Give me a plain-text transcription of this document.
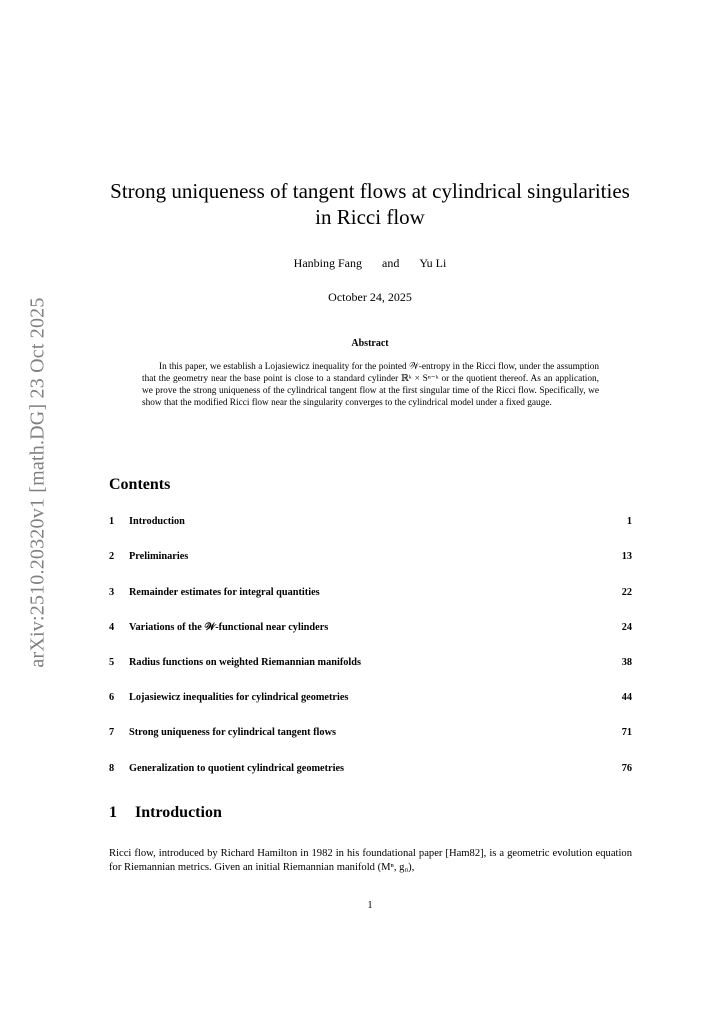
arXiv:2510.20320v1 [math.DG] 23 Oct 2025
Strong uniqueness of tangent flows at cylindrical singularities
in Ricci flow
Hanbing Fang and Yu Li
October 24, 2025
Abstract
In this paper, we establish a Lojasiewicz inequality for the pointed 𝒲-entropy in the Ricci flow, under the assumption that the geometry near the base point is close to a standard cylinder ℝᵏ × Sⁿ⁻ᵏ or the quotient thereof. As an application, we prove the strong uniqueness of the cylindrical tangent flow at the first singular time of the Ricci flow. Specifically, we show that the modified Ricci flow near the singularity converges to the cylindrical model under a fixed gauge.
Contents
1	Introduction	1
2	Preliminaries	13
3	Remainder estimates for integral quantities	22
4	Variations of the 𝒲-functional near cylinders	24
5	Radius functions on weighted Riemannian manifolds	38
6	Lojasiewicz inequalities for cylindrical geometries	44
7	Strong uniqueness for cylindrical tangent flows	71
8	Generalization to quotient cylindrical geometries	76
1 Introduction
Ricci flow, introduced by Richard Hamilton in 1982 in his foundational paper [Ham82], is a geometric evolution equation for Riemannian metrics. Given an initial Riemannian manifold (Mⁿ, g₀),
1
